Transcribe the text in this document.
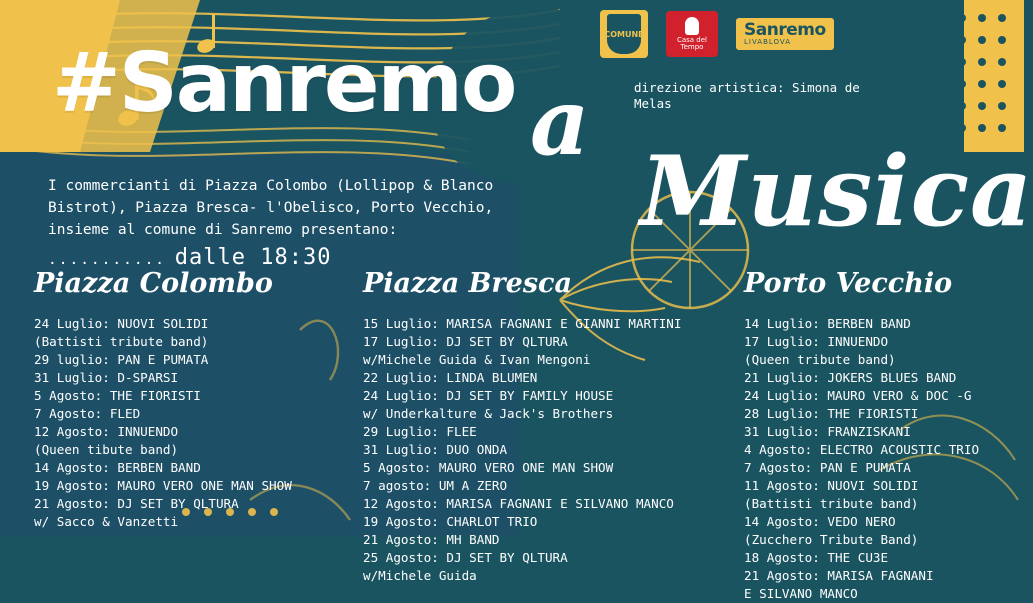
COMUNE
Casa del Tempo
Sanremo
LIVABLOVA
#Sanremo a
Musica
direzione artistica: Simona de Melas
I commercianti di Piazza Colombo (Lollipop & Blanco Bistrot), Piazza Bresca- l'Obelisco, Porto Vecchio, insieme al comune di Sanremo presentano: ........... dalle 18:30
Piazza Colombo
24 Luglio: NUOVI SOLIDI
(Battisti tribute band)
29 luglio: PAN E PUMATA
31 Luglio: D-SPARSI
5 Agosto: THE FIORISTI
7 Agosto: FLED
12 Agosto: INNUENDO
(Queen tibute band)
14 Agosto: BERBEN BAND
19 Agosto: MAURO VERO ONE MAN SHOW
21 Agosto: DJ SET BY QLTURA
w/ Sacco & Vanzetti
Piazza Bresca
15 Luglio: MARISA FAGNANI E GIANNI MARTINI
17 Luglio: DJ SET BY QLTURA
w/Michele Guida & Ivan Mengoni
22 Luglio: LINDA BLUMEN
24 Luglio: DJ SET BY FAMILY HOUSE
w/ Underkalture & Jack's Brothers
29 Luglio: FLEE
31 Luglio: DUO ONDA
5 Agosto: MAURO VERO ONE MAN SHOW
7 agosto: UM A ZERO
12 Agosto: MARISA FAGNANI E SILVANO MANCO
19 Agosto: CHARLOT TRIO
21 Agosto: MH BAND
25 Agosto: DJ SET BY QLTURA
w/Michele Guida
Porto Vecchio
14 Luglio: BERBEN BAND
17 Luglio: INNUENDO
(Queen tribute band)
21 Luglio: JOKERS BLUES BAND
24 Luglio: MAURO VERO & DOC -G
28 Luglio: THE FIORISTI
31 Luglio: FRANZISKANI
4 Agosto: ELECTRO ACOUSTIC TRIO
7 Agosto: PAN E PUMATA
11 Agosto: NUOVI SOLIDI
(Battisti tribute band)
14 Agosto: VEDO NERO
(Zucchero Tribute Band)
18 Agosto: THE CU3E
21 Agosto: MARISA FAGNANI
E SILVANO MANCO
